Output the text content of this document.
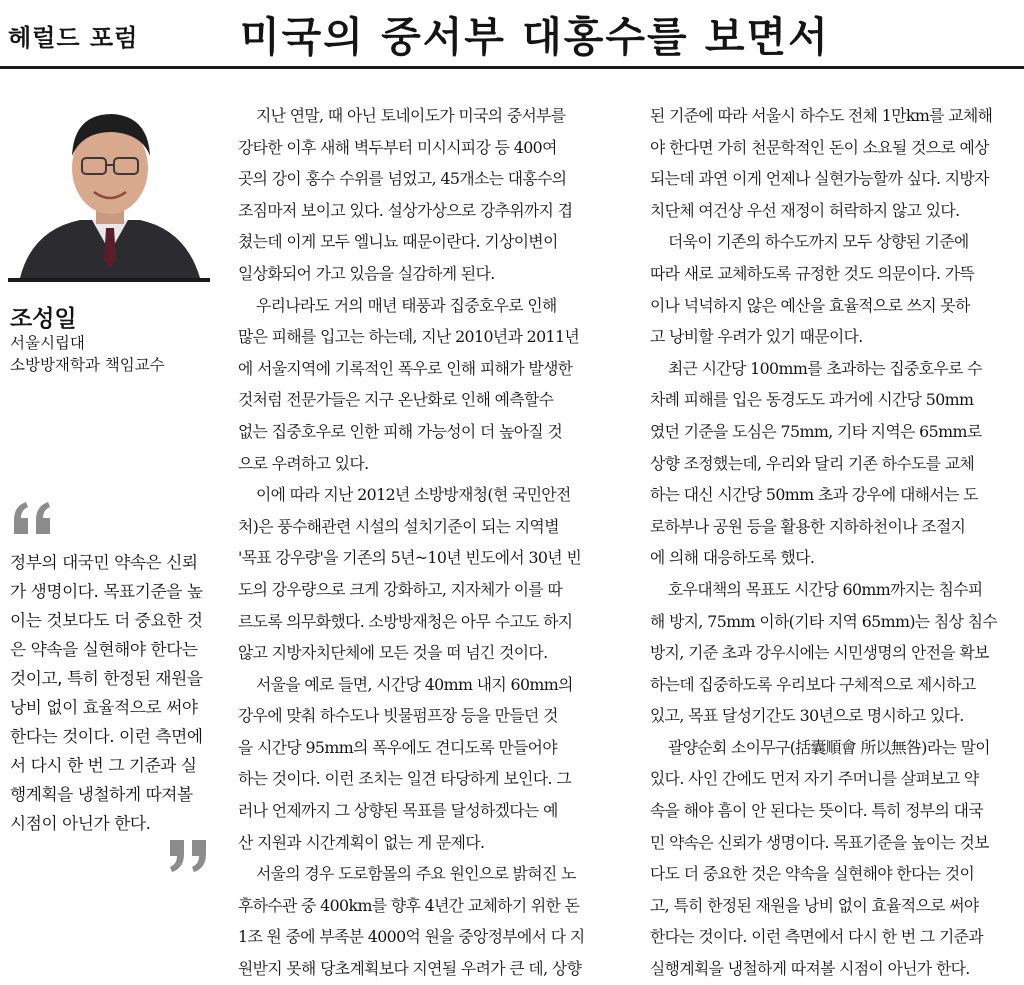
헤럴드 포럼 미국의 중서부 대홍수를 보면서
조성일
서울시립대
소방방재학과 책임교수
정부의 대국민 약속은 신뢰
가 생명이다. 목표기준을 높
이는 것보다도 더 중요한 것
은 약속을 실현해야 한다는
것이고, 특히 한정된 재원을
낭비 없이 효율적으로 써야
한다는 것이다. 이런 측면에
서 다시 한 번 그 기준과 실
행계획을 냉철하게 따져볼
시점이 아닌가 한다.
지난 연말, 때 아닌 토네이도가 미국의 중서부를
강타한 이후 새해 벽두부터 미시시피강 등 400여
곳의 강이 홍수 수위를 넘었고, 45개소는 대홍수의
조짐마저 보이고 있다. 설상가상으로 강추위까지 겹
쳤는데 이게 모두 엘니뇨 때문이란다. 기상이변이
일상화되어 가고 있음을 실감하게 된다.
우리나라도 거의 매년 태풍과 집중호우로 인해
많은 피해를 입고는 하는데, 지난 2010년과 2011년
에 서울지역에 기록적인 폭우로 인해 피해가 발생한
것처럼 전문가들은 지구 온난화로 인해 예측할수
없는 집중호우로 인한 피해 가능성이 더 높아질 것
으로 우려하고 있다.
이에 따라 지난 2012년 소방방재청(현 국민안전
처)은 풍수해관련 시설의 설치기준이 되는 지역별
'목표 강우량'을 기존의 5년~10년 빈도에서 30년 빈
도의 강우량으로 크게 강화하고, 지자체가 이를 따
르도록 의무화했다. 소방방재청은 아무 수고도 하지
않고 지방자치단체에 모든 것을 떠 넘긴 것이다.
서울을 예로 들면, 시간당 40mm 내지 60mm의
강우에 맞춰 하수도나 빗물펌프장 등을 만들던 것
을 시간당 95mm의 폭우에도 견디도록 만들어야
하는 것이다. 이런 조치는 일견 타당하게 보인다. 그
러나 언제까지 그 상향된 목표를 달성하겠다는 예
산 지원과 시간계획이 없는 게 문제다.
서울의 경우 도로함몰의 주요 원인으로 밝혀진 노
후하수관 중 400km를 향후 4년간 교체하기 위한 돈
1조 원 중에 부족분 4000억 원을 중앙정부에서 다 지
원받지 못해 당초계획보다 지연될 우려가 큰 데, 상향
된 기준에 따라 서울시 하수도 전체 1만km를 교체해
야 한다면 가히 천문학적인 돈이 소요될 것으로 예상
되는데 과연 이게 언제나 실현가능할까 싶다. 지방자
치단체 여건상 우선 재정이 허락하지 않고 있다.
더욱이 기존의 하수도까지 모두 상향된 기준에
따라 새로 교체하도록 규정한 것도 의문이다. 가뜩
이나 넉넉하지 않은 예산을 효율적으로 쓰지 못하
고 낭비할 우려가 있기 때문이다.
최근 시간당 100mm를 초과하는 집중호우로 수
차례 피해를 입은 동경도도 과거에 시간당 50mm
였던 기준을 도심은 75mm, 기타 지역은 65mm로
상향 조정했는데, 우리와 달리 기존 하수도를 교체
하는 대신 시간당 50mm 초과 강우에 대해서는 도
로하부나 공원 등을 활용한 지하하천이나 조절지
에 의해 대응하도록 했다.
호우대책의 목표도 시간당 60mm까지는 침수피
해 방지, 75mm 이하(기타 지역 65mm)는 침상 침수
방지, 기준 초과 강우시에는 시민생명의 안전을 확보
하는데 집중하도록 우리보다 구체적으로 제시하고
있고, 목표 달성기간도 30년으로 명시하고 있다.
괄양순회 소이무구(括囊順會 所以無咎)라는 말이
있다. 사인 간에도 먼저 자기 주머니를 살펴보고 약
속을 해야 흠이 안 된다는 뜻이다. 특히 정부의 대국
민 약속은 신뢰가 생명이다. 목표기준을 높이는 것보
다도 더 중요한 것은 약속을 실현해야 한다는 것이
고, 특히 한정된 재원을 낭비 없이 효율적으로 써야
한다는 것이다. 이런 측면에서 다시 한 번 그 기준과
실행계획을 냉철하게 따져볼 시점이 아닌가 한다.
